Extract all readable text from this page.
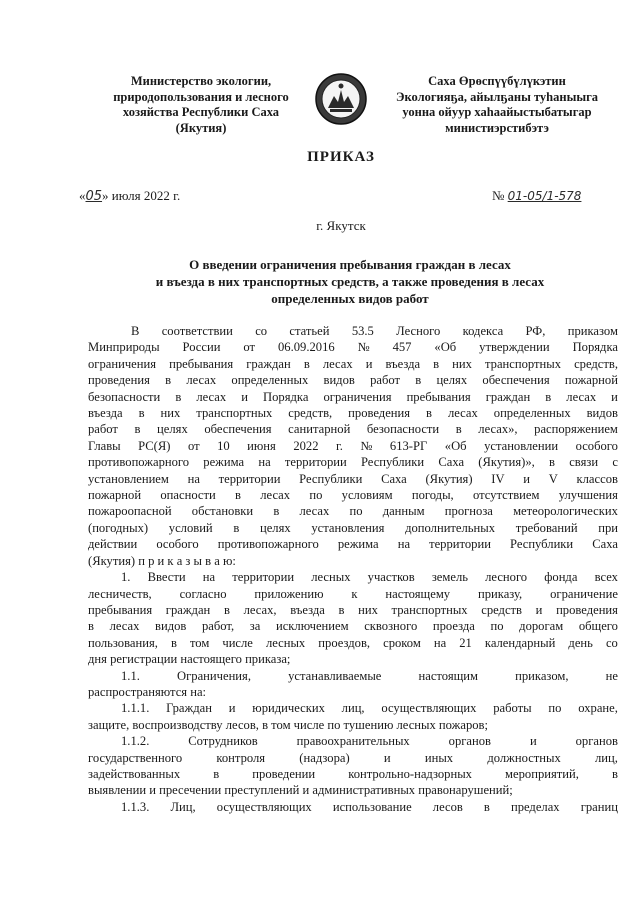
Министерство экологии,
природопользования и лесного
хозяйства Республики Саха
(Якутия)
Саха Өрөспүүбүлүкэтин
Экологияҕа, айылҕаны туһаныыга
уонна ойуур хаһаайыстыбатыгар
министиэрстибэтэ
ПРИКАЗ
«05» июля 2022 г.	№ 01-05/1-578
г. Якутск
О введении ограничения пребывания граждан в лесах
и въезда в них транспортных средств, а также проведения в лесах
определенных видов работ
В соответствии со статьей 53.5 Лесного кодекса РФ, приказом
Минприроды России от 06.09.2016 № 457 «Об утверждении Порядка
ограничения пребывания граждан в лесах и въезда в них транспортных средств,
проведения в лесах определенных видов работ в целях обеспечения пожарной
безопасности в лесах и Порядка ограничения пребывания граждан в лесах и
въезда в них транспортных средств, проведения в лесах определенных видов
работ в целях обеспечения санитарной безопасности в лесах», распоряжением
Главы РС(Я) от 10 июня 2022 г. № 613-РГ «Об установлении особого
противопожарного режима на территории Республики Саха (Якутия)», в связи с
установлением на территории Республики Саха (Якутия) IV и V классов
пожарной опасности в лесах по условиям погоды, отсутствием улучшения
пожароопасной обстановки в лесах по данным прогноза метеорологических
(погодных) условий в целях установления дополнительных требований при
действии особого противопожарного режима на территории Республики Саха
(Якутия) п р и к а з ы в а ю:
1. Ввести на территории лесных участков земель лесного фонда всех
лесничеств, согласно приложению к настоящему приказу, ограничение
пребывания граждан в лесах, въезда в них транспортных средств и проведения
в лесах видов работ, за исключением сквозного проезда по дорогам общего
пользования, в том числе лесных проездов, сроком на 21 календарный день со
дня регистрации настоящего приказа;
1.1.	Ограничения,	устанавливаемые	настоящим	приказом,	не
распространяются на:
1.1.1. Граждан и юридических лиц, осуществляющих работы по охране,
защите, воспроизводству лесов, в том числе по тушению лесных пожаров;
1.1.2.	Сотрудников	правоохранительных	органов	и	органов
государственного	контроля	(надзора)	и	иных	должностных	лиц,
задействованных	в	проведении	контрольно-надзорных	мероприятий,	в
выявлении и пресечении преступлений и административных правонарушений;
1.1.3. Лиц, осуществляющих использование лесов в пределах границ
